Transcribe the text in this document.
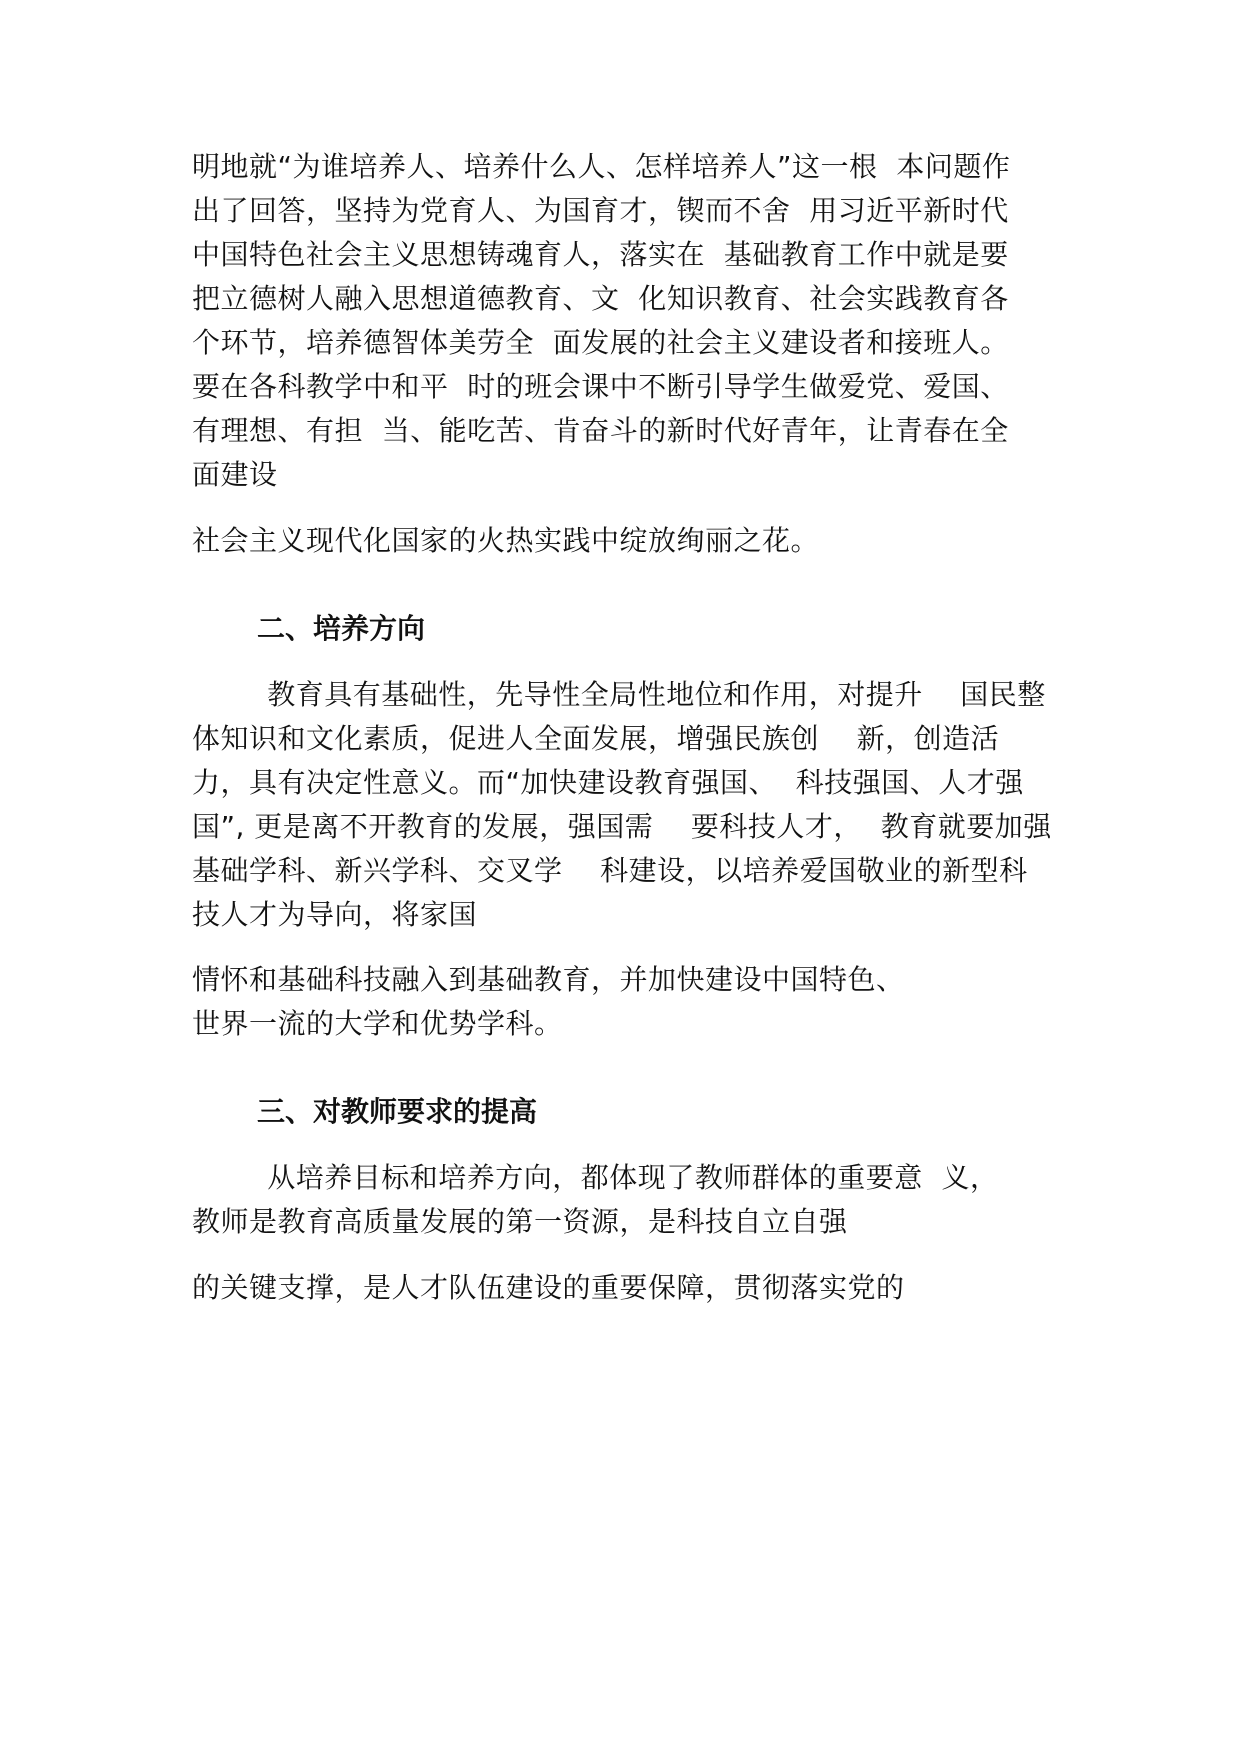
明地就“为谁培养人、培养什么人、怎样培养人”这一根  本问题作
出了回答，坚持为党育人、为国育才，锲而不舍  用习近平新时代
中国特色社会主义思想铸魂育人，落实在  基础教育工作中就是要
把立德树人融入思想道德教育、文  化知识教育、社会实践教育各
个环节，培养德智体美劳全  面发展的社会主义建设者和接班人。
要在各科教学中和平  时的班会课中不断引导学生做爱党、爱国、
有理想、有担  当、能吃苦、肯奋斗的新时代好青年，让青春在全
面建设
社会主义现代化国家的火热实践中绽放绚丽之花。
二、培养方向
教育具有基础性，先导性全局性地位和作用，对提升    国民整
体知识和文化素质，促进人全面发展，增强民族创    新，创造活
力，具有决定性意义。而“加快建设教育强国、  科技强国、人才强
国”, 更是离不开教育的发展，强国需    要科技人才，  教育就要加强
基础学科、新兴学科、交叉学    科建设，以培养爱国敬业的新型科
技人才为导向，将家国
情怀和基础科技融入到基础教育，并加快建设中国特色、
世界一流的大学和优势学科。
三、对教师要求的提高
从培养目标和培养方向，都体现了教师群体的重要意  义，
教师是教育高质量发展的第一资源，是科技自立自强
的关键支撑，是人才队伍建设的重要保障，贯彻落实党的
